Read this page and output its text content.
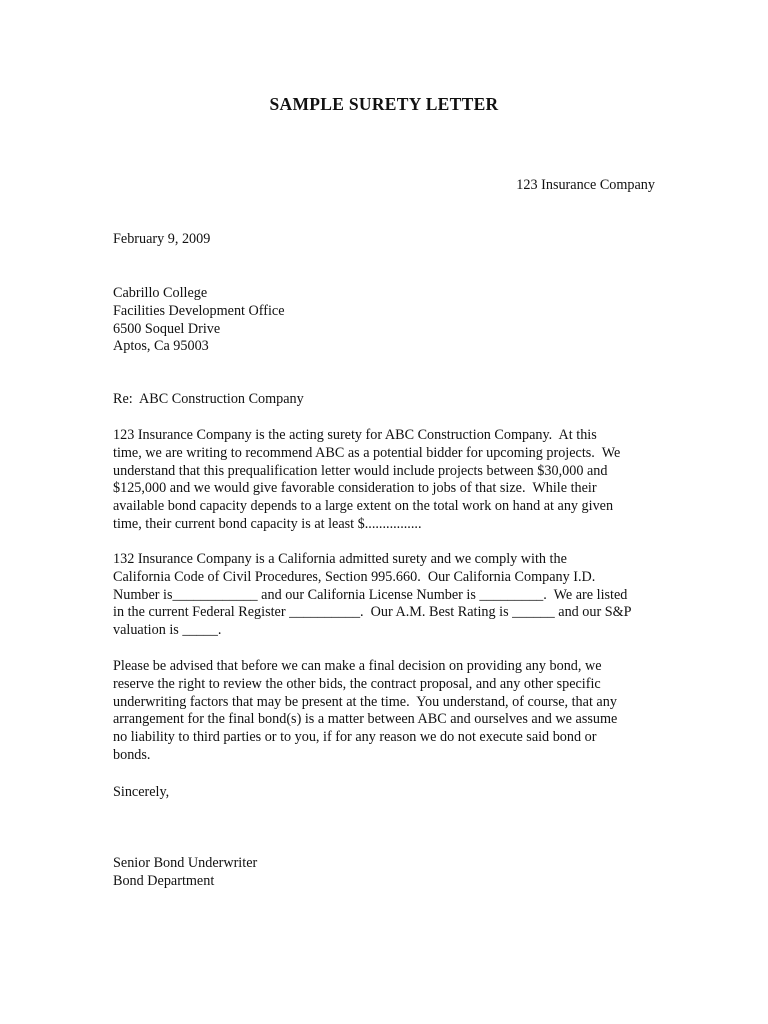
SAMPLE SURETY LETTER
123 Insurance Company
February 9, 2009
Cabrillo College
Facilities Development Office
6500 Soquel Drive
Aptos, Ca 95003
Re:  ABC Construction Company
123 Insurance Company is the acting surety for ABC Construction Company.  At this
time, we are writing to recommend ABC as a potential bidder for upcoming projects.  We
understand that this prequalification letter would include projects between $30,000 and
$125,000 and we would give favorable consideration to jobs of that size.  While their
available bond capacity depends to a large extent on the total work on hand at any given
time, their current bond capacity is at least $................
132 Insurance Company is a California admitted surety and we comply with the
California Code of Civil Procedures, Section 995.660.  Our California Company I.D.
Number is____________ and our California License Number is _________.  We are listed
in the current Federal Register __________.  Our A.M. Best Rating is ______ and our S&P
valuation is _____.
Please be advised that before we can make a final decision on providing any bond, we
reserve the right to review the other bids, the contract proposal, and any other specific
underwriting factors that may be present at the time.  You understand, of course, that any
arrangement for the final bond(s) is a matter between ABC and ourselves and we assume
no liability to third parties or to you, if for any reason we do not execute said bond or
bonds.
Sincerely,
Senior Bond Underwriter
Bond Department
